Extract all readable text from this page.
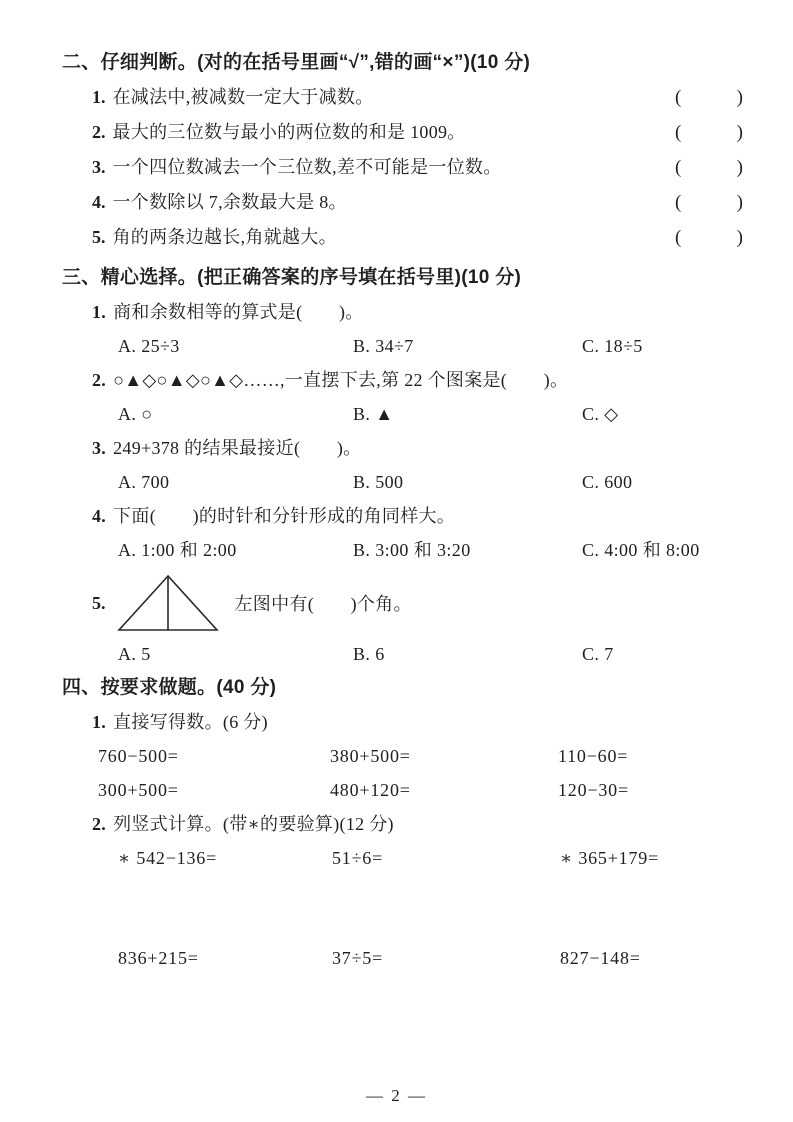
二、仔细判断。(对的在括号里画“√”,错的画“×”)(10 分)
1. 在减法中,被减数一定大于减数。	(	)
2. 最大的三位数与最小的两位数的和是 1009。	(	)
3. 一个四位数减去一个三位数,差不可能是一位数。	(	)
4. 一个数除以 7,余数最大是 8。	(	)
5. 角的两条边越长,角就越大。	(	)
三、精心选择。(把正确答案的序号填在括号里)(10 分)
1. 商和余数相等的算式是(　　)。
A. 25÷3	B. 34÷7	C. 18÷5
2. ○▲◇○▲◇○▲◇……,一直摆下去,第 22 个图案是(　　)。
A. ○	B. ▲	C. ◇
3. 249+378 的结果最接近(　　)。
A. 700	B. 500	C. 600
4. 下面(　　)的时针和分针形成的角同样大。
A. 1:00 和 2:00	B. 3:00 和 3:20	C. 4:00 和 8:00
5.	左图中有(　　)个角。
A. 5	B. 6	C. 7
四、按要求做题。(40 分)
1. 直接写得数。(6 分)
760−500=	380+500=	110−60=
300+500=	480+120=	120−30=
2. 列竖式计算。(带∗的要验算)(12 分)
∗ 542−136=	51÷6=	∗ 365+179=
836+215=	37÷5=	827−148=
— 2 —
